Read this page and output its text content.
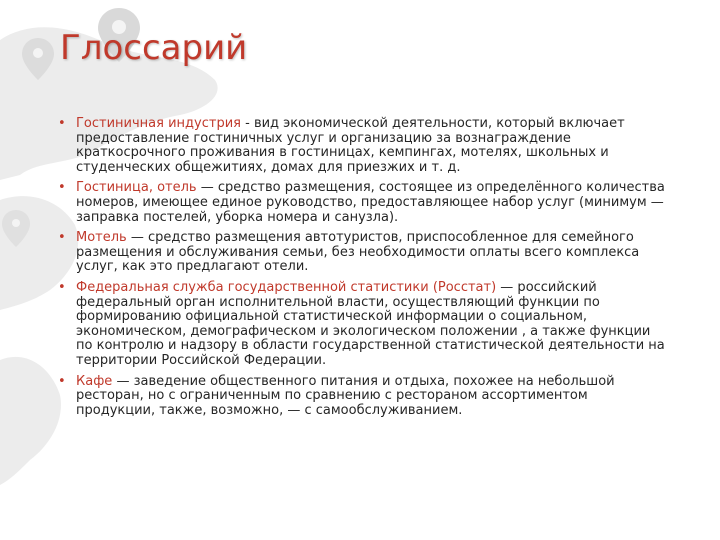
Глоссарий
• Гостиничная индустрия - вид экономической деятельности, который включает предоставление гостиничных услуг и организацию за вознаграждение краткосрочного проживания в гостиницах, кемпингах, мотелях, школьных и студенческих общежитиях, домах для приезжих и т. д.
• Гостиница, отель — средство размещения, состоящее из определённого количества номеров, имеющее единое руководство, предоставляющее набор услуг (минимум — заправка постелей, уборка номера и санузла).
• Мотель — средство размещения автотуристов, приспособленное для семейного размещения и обслуживания семьи, без необходимости оплаты всего комплекса услуг, как это предлагают отели.
• Федеральная служба государственной статистики (Росстат) — российский федеральный орган исполнительной власти, осуществляющий функции по формированию официальной статистической информации о социальном, экономическом, демографическом и экологическом положении , а также функции по контролю и надзору в области государственной статистической деятельности на территории Российской Федерации.
• Кафе — заведение общественного питания и отдыха, похожее на небольшой ресторан, но с ограниченным по сравнению с рестораном ассортиментом продукции, также, возможно, — с самообслуживанием.
